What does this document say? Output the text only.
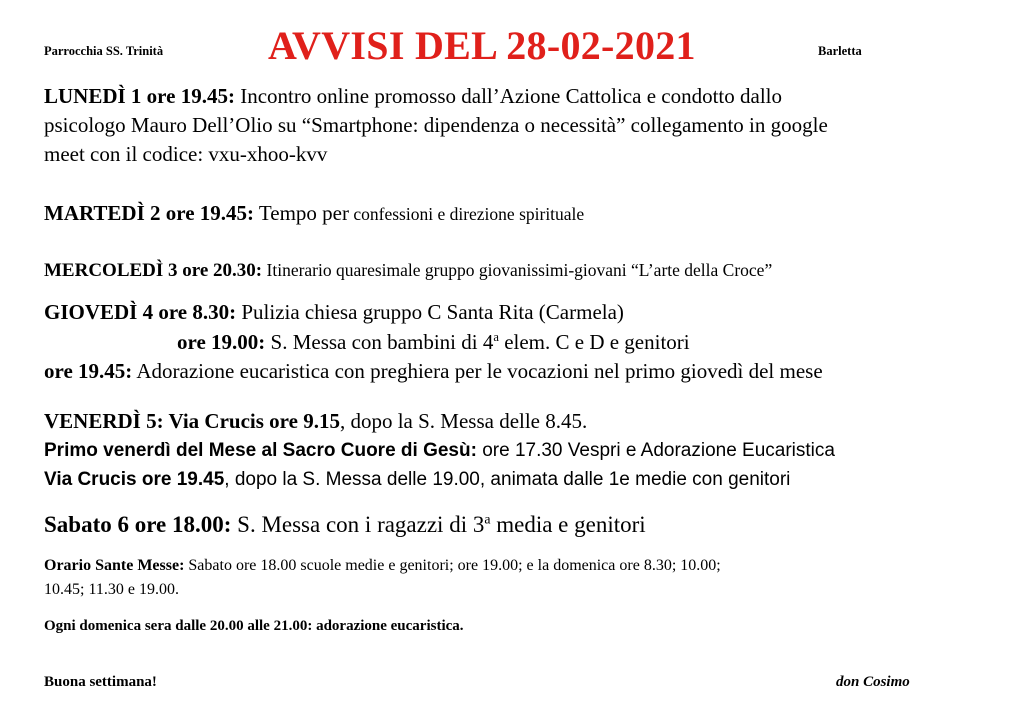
Parrocchia SS. Trinità	AVVISI DEL 28-02-2021	Barletta
LUNEDÌ 1 ore 19.45: Incontro online promosso dall’Azione Cattolica e condotto dallo
psicologo Mauro Dell’Olio su “Smartphone: dipendenza o necessità” collegamento in google
meet con il codice: vxu-xhoo-kvv
MARTEDÌ 2 ore 19.45: Tempo per confessioni e direzione spirituale
MERCOLEDÌ 3 ore 20.30: Itinerario quaresimale gruppo giovanissimi-giovani “L’arte della Croce”
GIOVEDÌ 4 ore 8.30: Pulizia chiesa gruppo C Santa Rita (Carmela)
ore 19.00: S. Messa con bambini di 4$^a$ elem. C e D e genitori
ore 19.45: Adorazione eucaristica con preghiera per le vocazioni nel primo giovedì del mese
VENERDÌ 5: Via Crucis ore 9.15, dopo la S. Messa delle 8.45.
Primo venerdì del Mese al Sacro Cuore di Gesù: ore 17.30 Vespri e Adorazione Eucaristica
Via Crucis ore 19.45, dopo la S. Messa delle 19.00, animata dalle 1e medie con genitori
Sabato 6 ore 18.00: S. Messa con i ragazzi di 3$^a$ media e genitori
Orario Sante Messe: Sabato ore 18.00 scuole medie e genitori; ore 19.00; e la domenica ore 8.30; 10.00;
10.45; 11.30 e 19.00.
Ogni domenica sera dalle 20.00 alle 21.00: adorazione eucaristica.
Buona settimana!	don Cosimo
